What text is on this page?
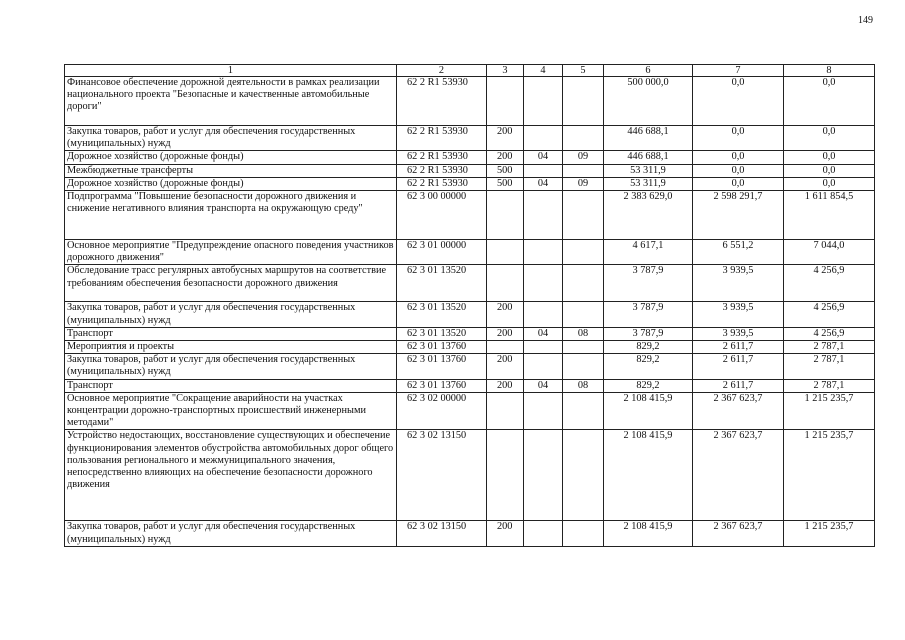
149
1	2	3	4	5	6	7	8
Финансовое обеспечение дорожной деятельности в рамках реализации национального проекта "Безопасные и качественные автомобильные дороги"	62 2 R1 53930				500 000,0	0,0	0,0
Закупка товаров, работ и услуг для обеспечения государственных (муниципальных) нужд	62 2 R1 53930	200			446 688,1	0,0	0,0
Дорожное хозяйство (дорожные фонды)	62 2 R1 53930	200	04	09	446 688,1	0,0	0,0
Межбюджетные трансферты	62 2 R1 53930	500			53 311,9	0,0	0,0
Дорожное хозяйство (дорожные фонды)	62 2 R1 53930	500	04	09	53 311,9	0,0	0,0
Подпрограмма "Повышение безопасности дорожного движения и снижение негативного влияния транспорта на окружающую среду"	62 3 00 00000				2 383 629,0	2 598 291,7	1 611 854,5
Основное мероприятие "Предупреждение опасного поведения участников дорожного движения"	62 3 01 00000				4 617,1	6 551,2	7 044,0
Обследование трасс регулярных автобусных маршрутов на соответствие требованиям обеспечения безопасности дорожного движения	62 3 01 13520				3 787,9	3 939,5	4 256,9
Закупка товаров, работ и услуг для обеспечения государственных (муниципальных) нужд	62 3 01 13520	200			3 787,9	3 939,5	4 256,9
Транспорт	62 3 01 13520	200	04	08	3 787,9	3 939,5	4 256,9
Мероприятия и проекты	62 3 01 13760				829,2	2 611,7	2 787,1
Закупка товаров, работ и услуг для обеспечения государственных (муниципальных) нужд	62 3 01 13760	200			829,2	2 611,7	2 787,1
Транспорт	62 3 01 13760	200	04	08	829,2	2 611,7	2 787,1
Основное мероприятие "Сокращение аварийности на участках концентрации дорожно-транспортных происшествий инженерными методами"	62 3 02 00000				2 108 415,9	2 367 623,7	1 215 235,7
Устройство недостающих, восстановление существующих и обеспечение функционирования элементов обустройства автомобильных дорог общего пользования регионального и межмуниципального значения, непосредственно влияющих на обеспечение безопасности дорожного движения	62 3 02 13150				2 108 415,9	2 367 623,7	1 215 235,7
Закупка товаров, работ и услуг для обеспечения государственных (муниципальных) нужд	62 3 02 13150	200			2 108 415,9	2 367 623,7	1 215 235,7
